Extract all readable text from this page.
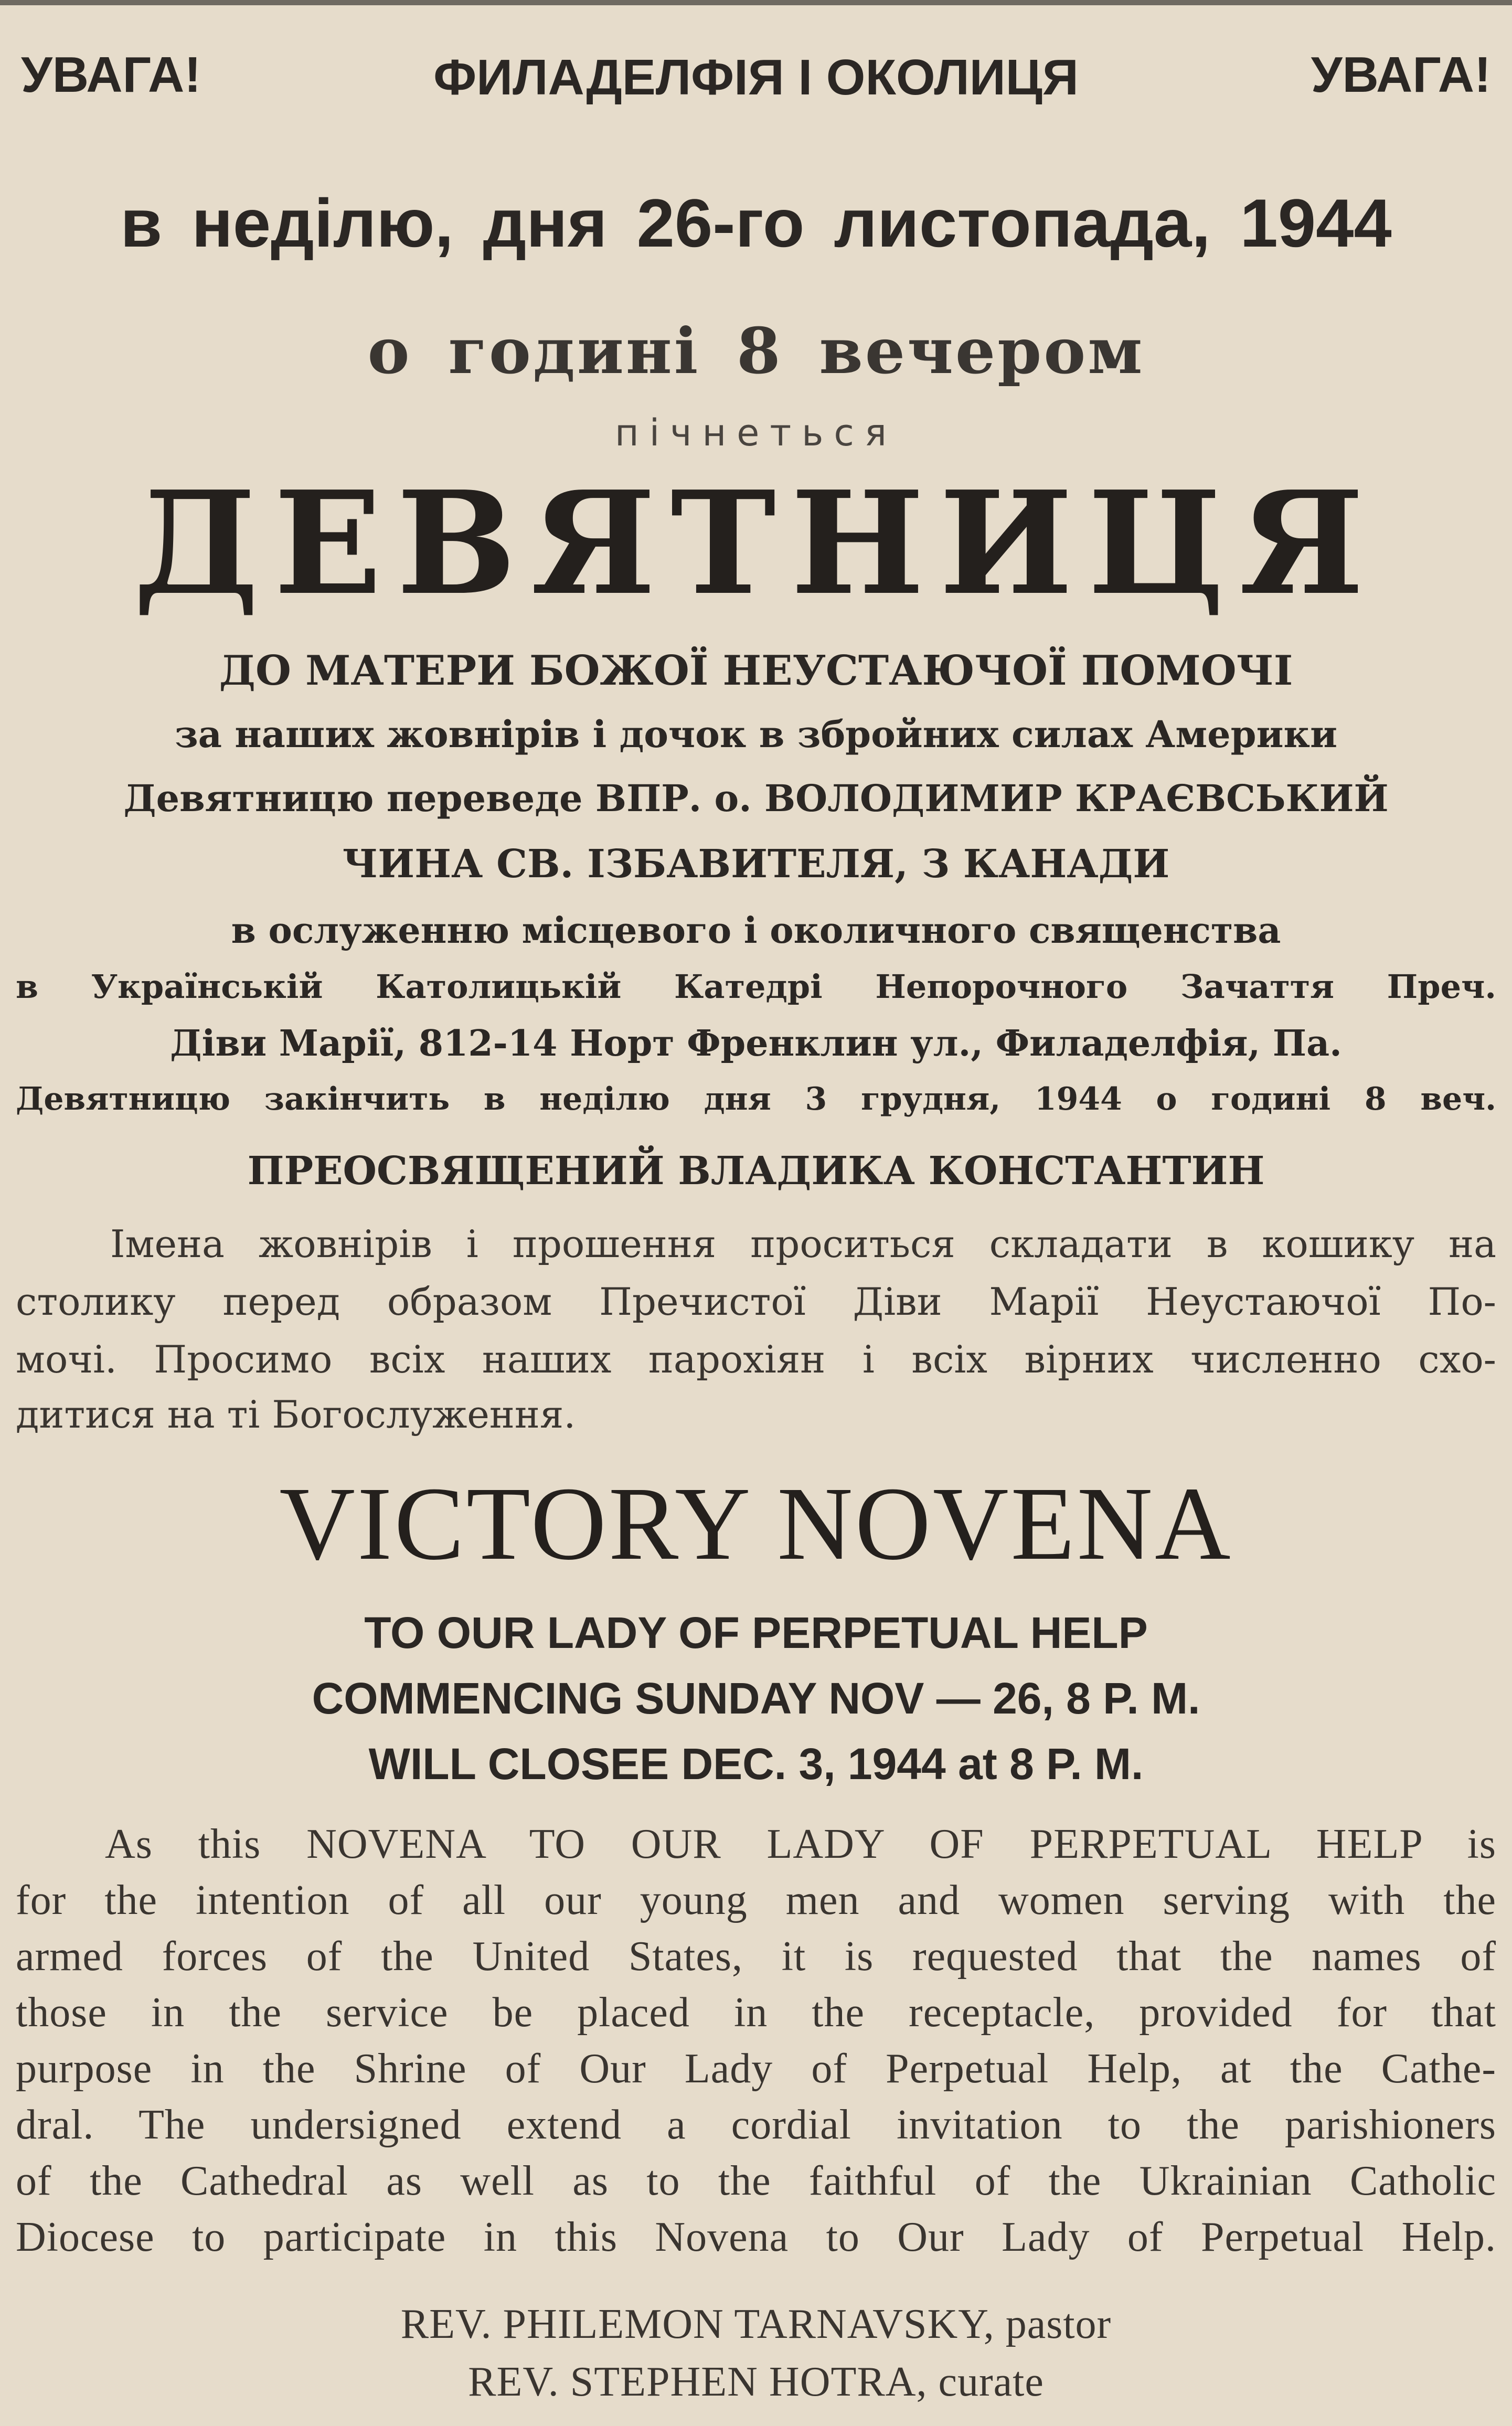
УВАГА!	ФИЛАДЕЛФІЯ І ОКОЛИЦЯ	УВАГА!
в неділю, дня 26-го листопада, 1944
о годині 8 вечером
пічнеться
ДЕВЯТНИЦЯ
ДО МАТЕРИ БОЖОЇ НЕУСТАЮЧОЇ ПОМОЧІ
за наших жовнірів і дочок в збройних силах Америки
Девятницю переведе ВПР. о. ВОЛОДИМИР КРАЄВСЬКИЙ
ЧИНА СВ. ІЗБАВИТЕЛЯ, З КАНАДИ
в ослуженню місцевого і околичного священства
в Українській Католицькій Катедрі Непорочного Зачаття Преч.
Діви Марії, 812-14 Норт Френклин ул., Филаделфія, Па.
Девятницю закінчить в неділю дня 3 грудня, 1944 о годині 8 веч.
ПРЕОСВЯЩЕНИЙ ВЛАДИКА КОНСТАНТИН
Імена жовнірів і прошення проситься складати в кошику на
столику перед образом Пречистої Діви Марії Неустаючої По-
мочі. Просимо всіх наших парохіян і всіх вірних численно схо-
дитися на ті Богослуження.
VICTORY NOVENA
TO OUR LADY OF PERPETUAL HELP
COMMENCING SUNDAY NOV — 26, 8 P. M.
WILL CLOSEE DEC. 3, 1944 at 8 P. M.
As this NOVENA TO OUR LADY OF PERPETUAL HELP is
for the intention of all our young men and women serving with the
armed forces of the United States, it is requested that the names of
those in the service be placed in the receptacle, provided for that
purpose in the Shrine of Our Lady of Perpetual Help, at the Cathe-
dral. The undersigned extend a cordial invitation to the parishioners
of the Cathedral as well as to the faithful of the Ukrainian Catholic
Diocese to participate in this Novena to Our Lady of Perpetual Help.
REV. PHILEMON TARNAVSKY, pastor
REV. STEPHEN HOTRA, curate
